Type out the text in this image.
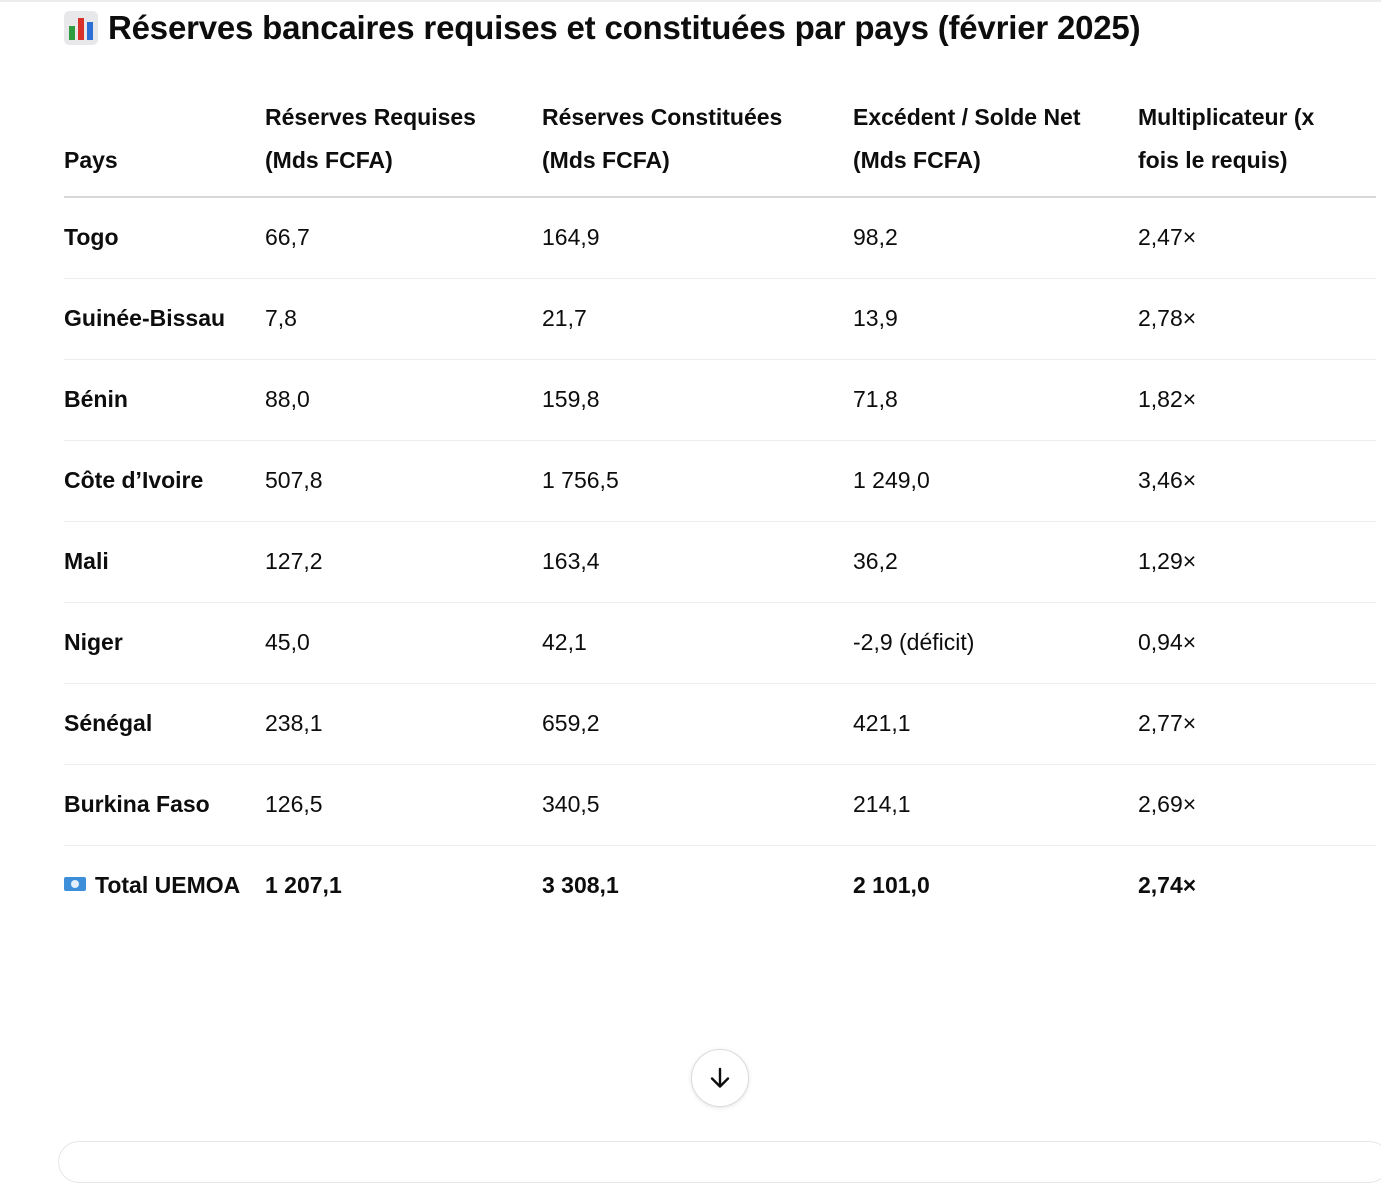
Réserves bancaires requises et constituées par pays (février 2025)
Pays	Réserves Requises (Mds FCFA)	Réserves Constituées (Mds FCFA)	Excédent / Solde Net (Mds FCFA)	Multiplicateur (x fois le requis)
Togo	66,7	164,9	98,2	2,47×
Guinée-Bissau	7,8	21,7	13,9	2,78×
Bénin	88,0	159,8	71,8	1,82×
Côte d’Ivoire	507,8	1 756,5	1 249,0	3,46×
Mali	127,2	163,4	36,2	1,29×
Niger	45,0	42,1	-2,9 (déficit)	0,94×
Sénégal	238,1	659,2	421,1	2,77×
Burkina Faso	126,5	340,5	214,1	2,69×
Total UEMOA	1 207,1	3 308,1	2 101,0	2,74×
